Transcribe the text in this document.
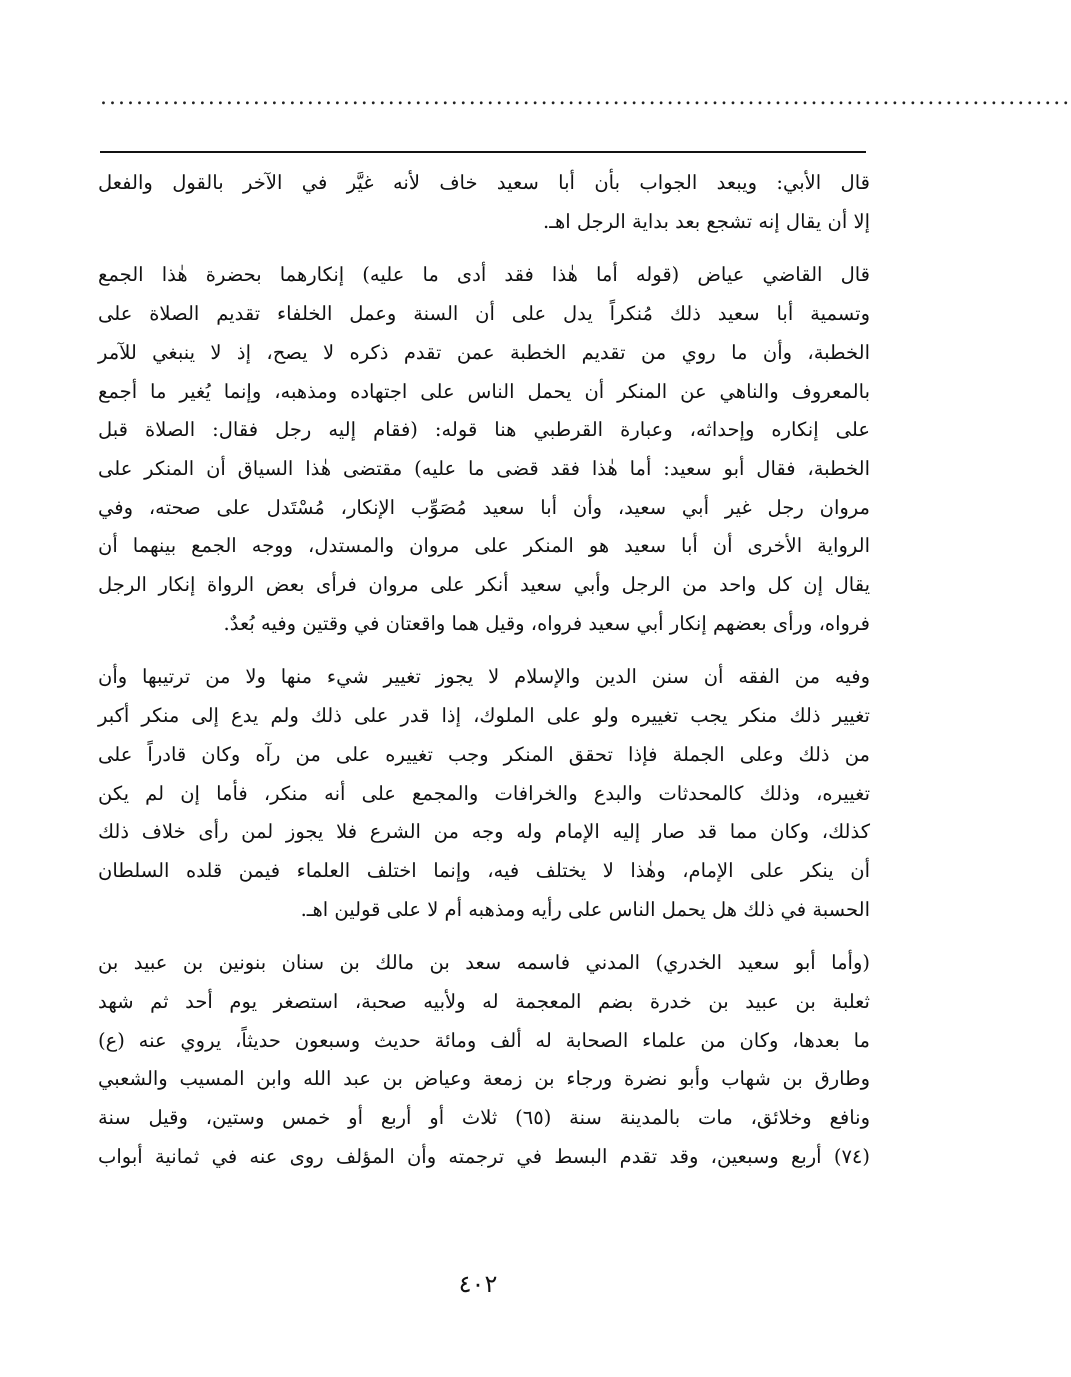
............................................................................................................

قال الأبي: ويبعد الجواب بأن أبا سعيد خاف لأنه غيَّر في الآخر بالقول والفعل
إلا أن يقال إنه تشجع بعد بداية الرجل اهـ.

قال القاضي عياض (قوله أما هٰذا فقد أدى ما عليه) إنكارهما بحضرة هٰذا الجمع
وتسمية أبا سعيد ذلك مُنكراً يدل على أن السنة وعمل الخلفاء تقديم الصلاة على
الخطبة، وأن ما روي من تقديم الخطبة عمن تقدم ذكره لا يصح، إذ لا ينبغي للآمر
بالمعروف والناهي عن المنكر أن يحمل الناس على اجتهاده ومذهبه، وإنما يُغير ما أجمع
على إنكاره وإحداثه، وعبارة القرطبي هنا قوله: (فقام إليه رجل فقال: الصلاة قبل
الخطبة، فقال أبو سعيد: أما هٰذا فقد قضى ما عليه) مقتضى هٰذا السياق أن المنكر على
مروان رجل غير أبي سعيد، وأن أبا سعيد مُصَوِّب الإنكار، مُسْتَدل على صحته، وفي
الرواية الأخرى أن أبا سعيد هو المنكر على مروان والمستدل، ووجه الجمع بينهما أن
يقال إن كل واحد من الرجل وأبي سعيد أنكر على مروان فرأى بعض الرواة إنكار الرجل
فرواه، ورأى بعضهم إنكار أبي سعيد فرواه، وقيل هما واقعتان في وقتين وفيه بُعدٌ.

وفيه من الفقه أن سنن الدين والإسلام لا يجوز تغيير شيء منها ولا من ترتيبها وأن
تغيير ذلك منكر يجب تغييره ولو على الملوك، إذا قدر على ذلك ولم يدع إلى منكر أكبر
من ذلك وعلى الجملة فإذا تحقق المنكر وجب تغييره على من رآه وكان قادراً على
تغييره، وذلك كالمحدثات والبدع والخرافات والمجمع على أنه منكر، فأما إن لم يكن
كذلك، وكان مما قد صار إليه الإمام وله وجه من الشرع فلا يجوز لمن رأى خلاف ذلك
أن ينكر على الإمام، وهٰذا لا يختلف فيه، وإنما اختلف العلماء فيمن قلده السلطان
الحسبة في ذلك هل يحمل الناس على رأيه ومذهبه أم لا على قولين اهـ.

(وأما أبو سعيد الخدري) المدني فاسمه سعد بن مالك بن سنان بنونين بن عبيد بن
ثعلبة بن عبيد بن خدرة بضم المعجمة له ولأبيه صحبة، استصغر يوم أحد ثم شهد
ما بعدها، وكان من علماء الصحابة له ألف ومائة حديث وسبعون حديثاً، يروي عنه (ع)
وطارق بن شهاب وأبو نضرة ورجاء بن زمعة وعياض بن عبد الله وابن المسيب والشعبي
ونافع وخلائق، مات بالمدينة سنة (٦٥) ثلاث أو أربع أو خمس وستين، وقيل سنة
(٧٤) أربع وسبعين، وقد تقدم البسط في ترجمته وأن المؤلف روى عنه في ثمانية أبواب

٤٠٢
